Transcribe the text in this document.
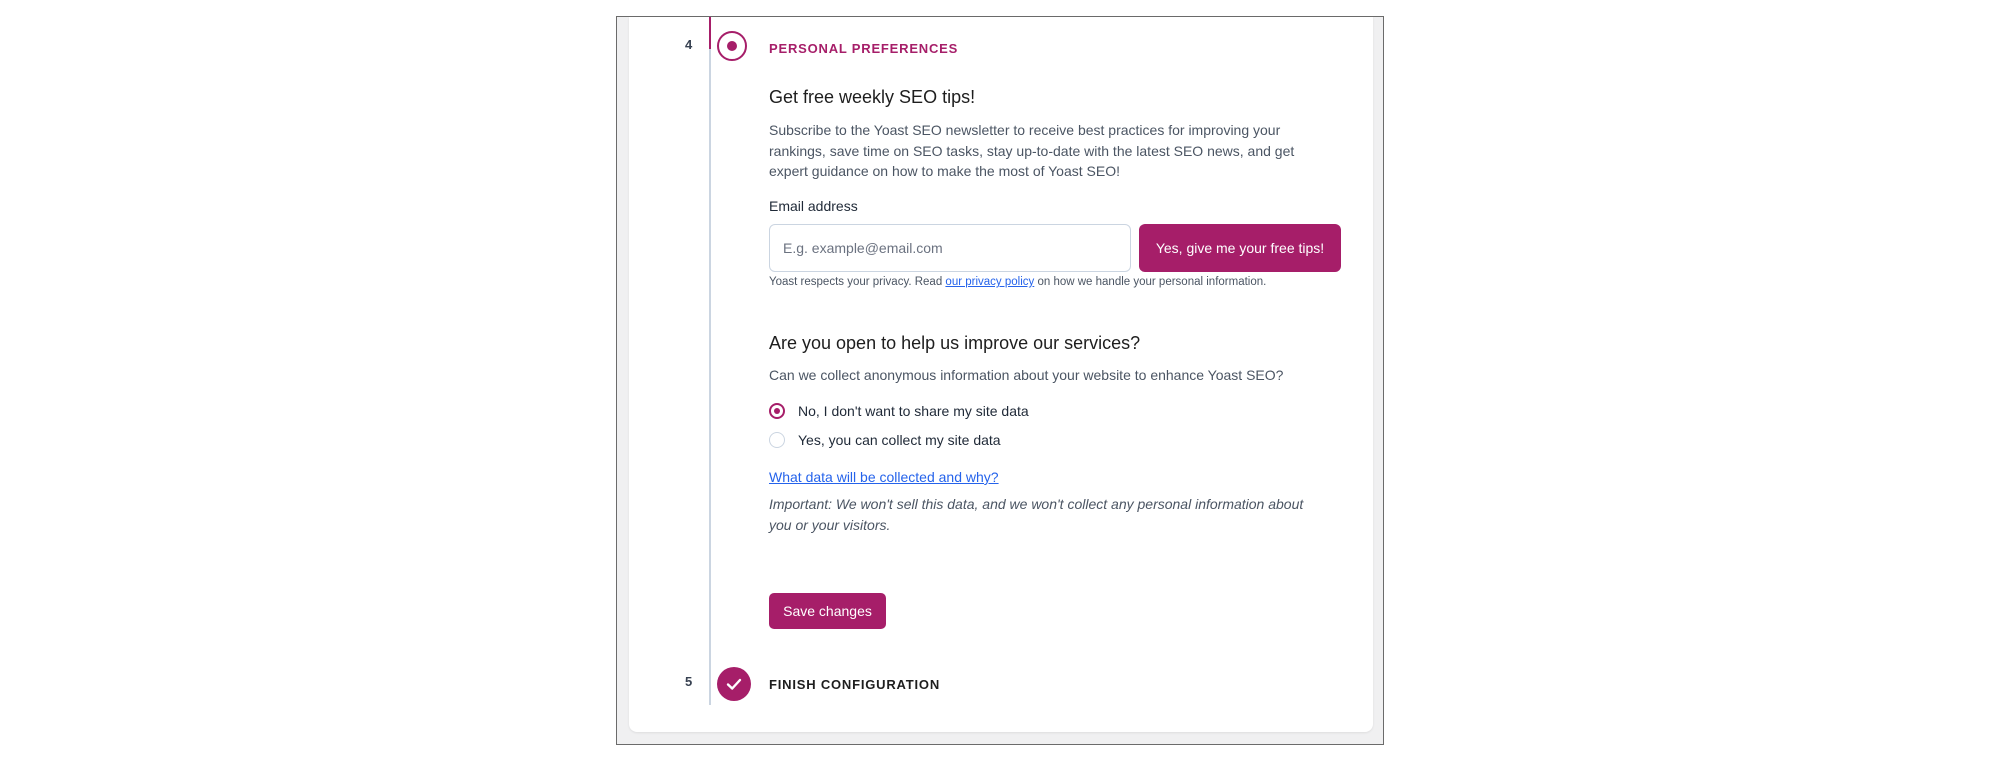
4	PERSONAL PREFERENCES
Get free weekly SEO tips!
Subscribe to the Yoast SEO newsletter to receive best practices for improving your rankings, save time on SEO tasks, stay up-to-date with the latest SEO news, and get expert guidance on how to make the most of Yoast SEO!
Email address
E.g. example@email.com
Yes, give me your free tips!
Yoast respects your privacy. Read our privacy policy on how we handle your personal information.
Are you open to help us improve our services?
Can we collect anonymous information about your website to enhance Yoast SEO?
No, I don't want to share my site data
Yes, you can collect my site data
What data will be collected and why?
Important: We won't sell this data, and we won't collect any personal information about you or your visitors.
Save changes
5	FINISH CONFIGURATION
